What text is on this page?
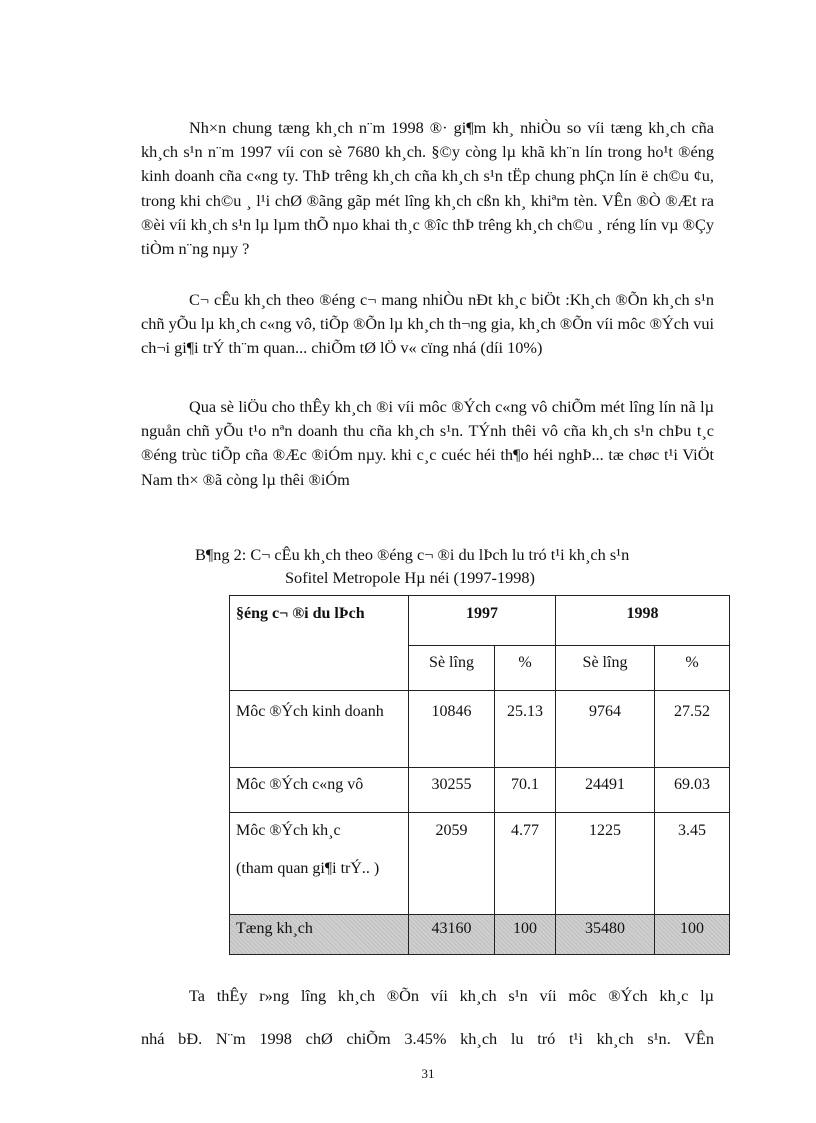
Nh×n chung tæng kh¸ch n¨m 1998 ®· gi¶m kh¸ nhiÒu so víi tæng kh¸ch cña kh¸ch s¹n n¨m 1997 víi con sè 7680 kh¸ch. §©y còng lµ khã kh¨n lín trong ho¹t ®éng kinh doanh cña c«ng ty. ThÞ trêng kh¸ch cña kh¸ch s¹n tËp chung phÇn lín ë ch©u ¢u, trong khi ch©u ¸ l¹i chØ ®ãng gãp mét lîng kh¸ch cßn kh¸ khiªm tèn. VÊn ®Ò ®Æt ra ®èi víi kh¸ch s¹n lµ lµm thÕ nµo khai th¸c ®îc thÞ trêng kh¸ch ch©u ¸ réng lín vµ ®Çy tiÒm n¨ng nµy ?

C¬ cÊu kh¸ch theo ®éng c¬ mang nhiÒu nÐt kh¸c biÖt :Kh¸ch ®Õn kh¸ch s¹n chñ yÕu lµ kh¸ch c«ng vô, tiÕp ®Õn lµ kh¸ch th¬ng gia, kh¸ch ®Õn víi môc ®Ých vui ch¬i gi¶i trÝ th¨m quan... chiÕm tØ lÖ v« cïng nhá (díi 10%)

Qua sè liÖu cho thÊy kh¸ch ®i víi môc ®Ých c«ng vô chiÕm mét lîng lín nã lµ nguån chñ yÕu t¹o nªn doanh thu cña kh¸ch s¹n. TÝnh thêi vô cña kh¸ch s¹n chÞu t¸c ®éng trùc tiÕp cña ®Æc ®iÓm nµy. khi c¸c cuéc héi th¶o héi nghÞ... tæ chøc t¹i ViÖt Nam th× ®ã còng lµ thêi ®iÓm

B¶ng 2: C¬ cÊu kh¸ch theo ®éng c¬ ®i du lÞch lu tró t¹i kh¸ch s¹n
Sofitel Metropole Hµ néi (1997-1998)
§éng c¬ ®i du lÞch	1997		1998	
	Sè lîng	%	Sè lîng	%
Môc ®Ých kinh doanh	10846	25.13	9764	27.52
Môc ®Ých c«ng vô	30255	70.1	24491	69.03

Môc ®Ých kh¸c
(tham quan gi¶i trÝ.. )	2059	4.77	1225	3.45
Tæng kh¸ch	43160	100	35480	100

Ta thÊy r»ng lîng kh¸ch ®Õn víi kh¸ch s¹n víi môc ®Ých kh¸c lµ

nhá bÐ. N¨m 1998 chØ chiÕm 3.45% kh¸ch lu tró t¹i kh¸ch s¹n. VÊn

31
